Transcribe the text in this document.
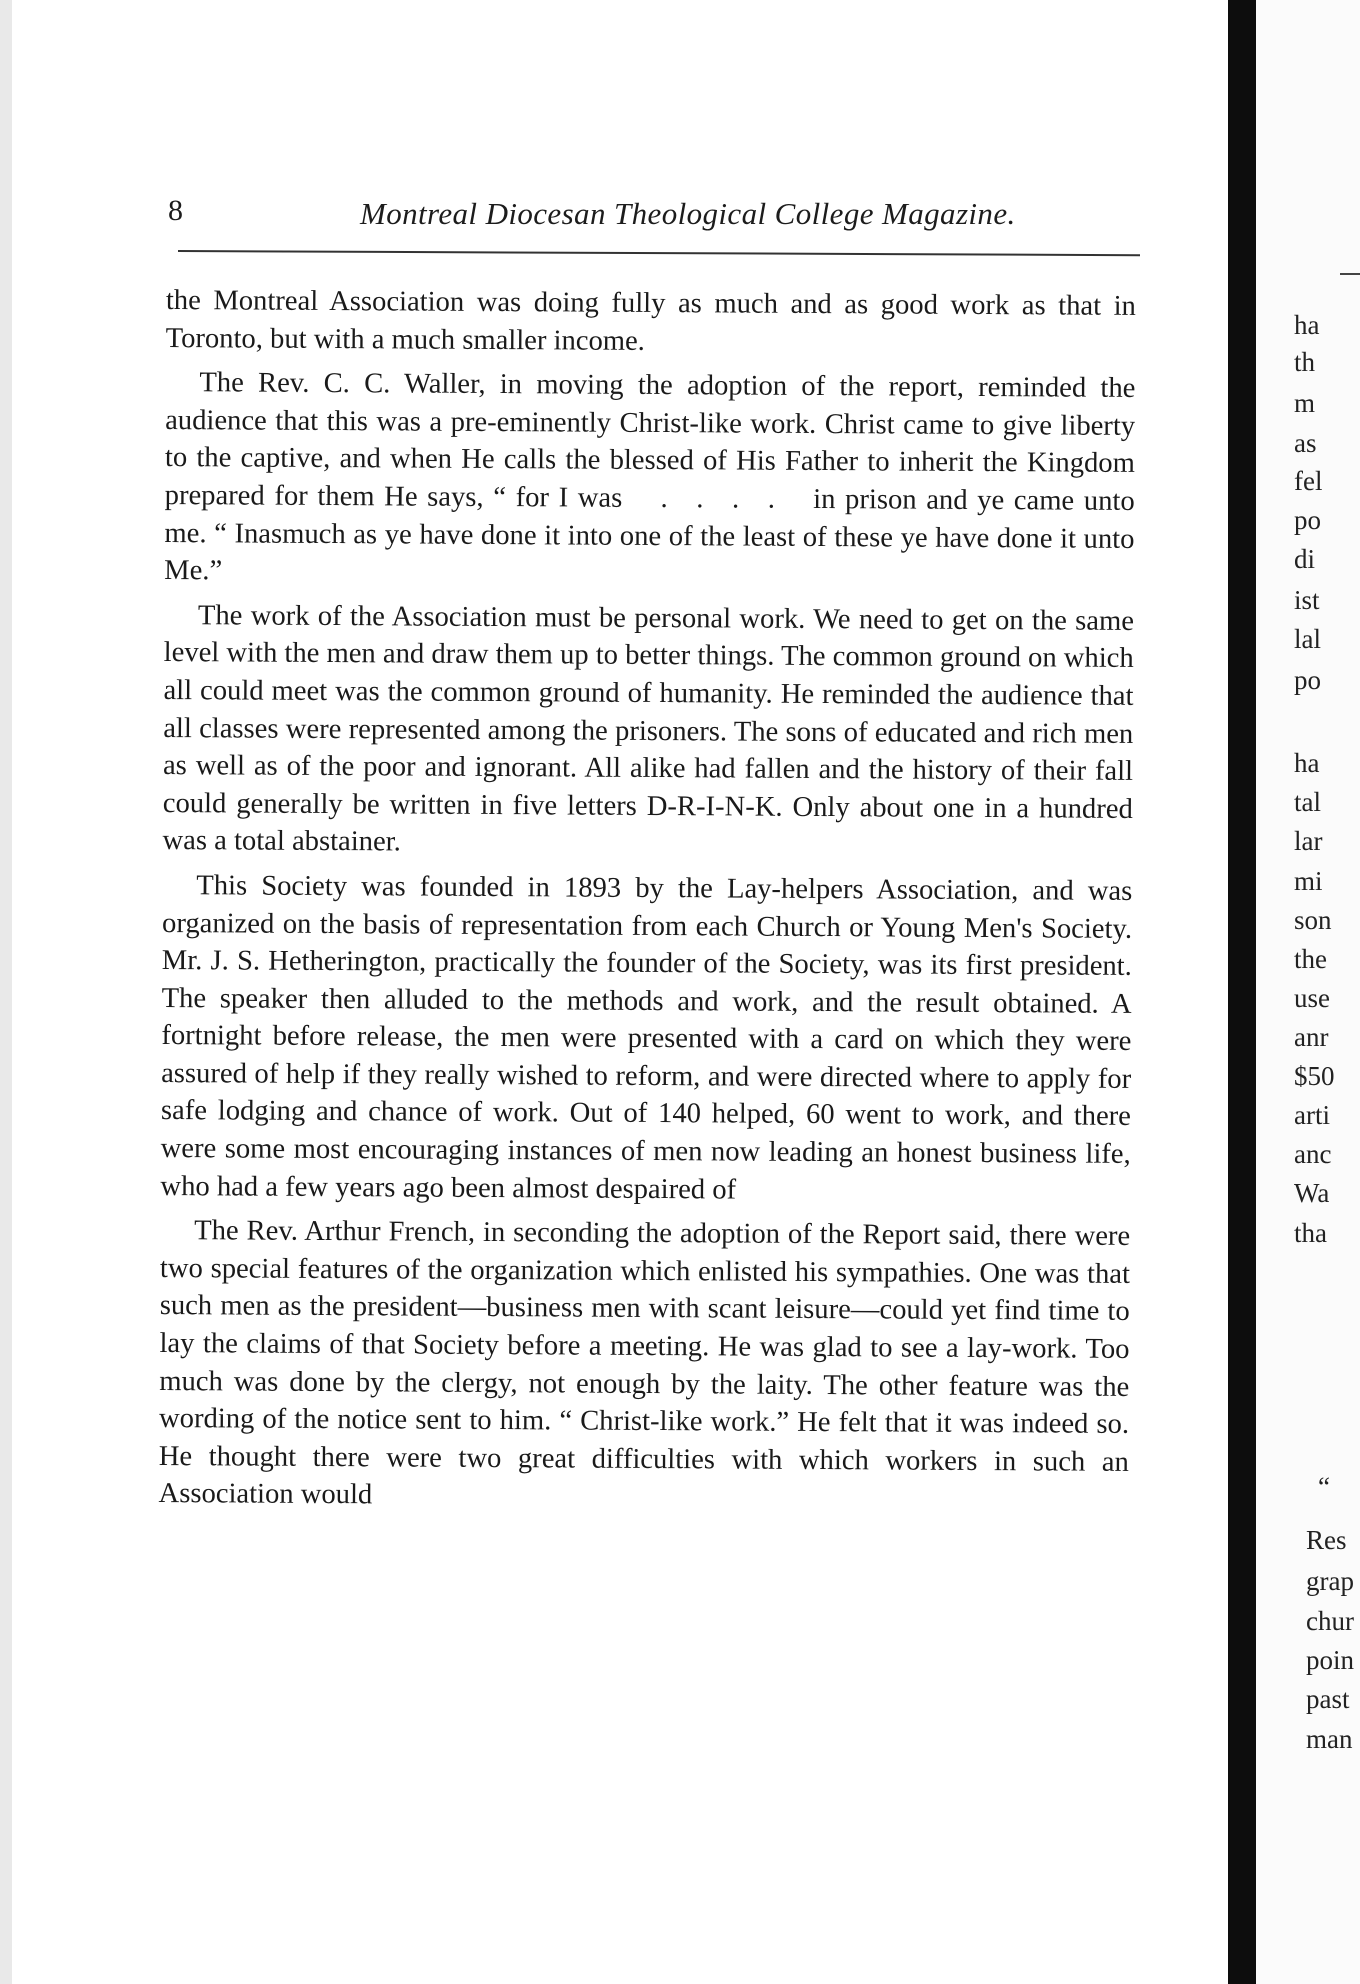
8	Montreal Diocesan Theological College Magazine.

the Montreal Association was doing fully as much and as good work as that in Toronto, but with a much smaller income.

The Rev. C. C. Waller, in moving the adoption of the report, reminded the audience that this was a pre-eminently Christ-like work. Christ came to give liberty to the captive, and when He calls the blessed of His Father to inherit the Kingdom prepared for them He says, “ for I was  . . . .  in prison and ye came unto me. “ Inasmuch as ye have done it into one of the least of these ye have done it unto Me.”

The work of the Association must be personal work. We need to get on the same level with the men and draw them up to better things. The common ground on which all could meet was the common ground of humanity. He reminded the audience that all classes were represented among the prisoners. The sons of educated and rich men as well as of the poor and ignorant. All alike had fallen and the history of their fall could generally be written in five letters D-R-I-N-K. Only about one in a hundred was a total abstainer.

This Society was founded in 1893 by the Lay-helpers Association, and was organized on the basis of representation from each Church or Young Men's Society. Mr. J. S. Hetherington, practically the founder of the Society, was its first president. The speaker then alluded to the methods and work, and the result obtained. A fortnight before release, the men were presented with a card on which they were assured of help if they really wished to reform, and were directed where to apply for safe lodging and chance of work. Out of 140 helped, 60 went to work, and there were some most encouraging instances of men now leading an honest business life, who had a few years ago been almost despaired of

The Rev. Arthur French, in seconding the adoption of the Report said, there were two special features of the organization which enlisted his sympathies. One was that such men as the president—business men with scant leisure—could yet find time to lay the claims of that Society before a meeting. He was glad to see a lay-work. Too much was done by the clergy, not enough by the laity. The other feature was the wording of the notice sent to him. “ Christ-like work.” He felt that it was indeed so. He thought there were two great difficulties with which workers in such an Association would

ha
th
m
as
fel
po
di
ist
lal
po
ha
tal
lar
mi
son
the
use
anr
$50
arti
anc
Wa
tha
“
Res
grap
chur
poin
past
man
